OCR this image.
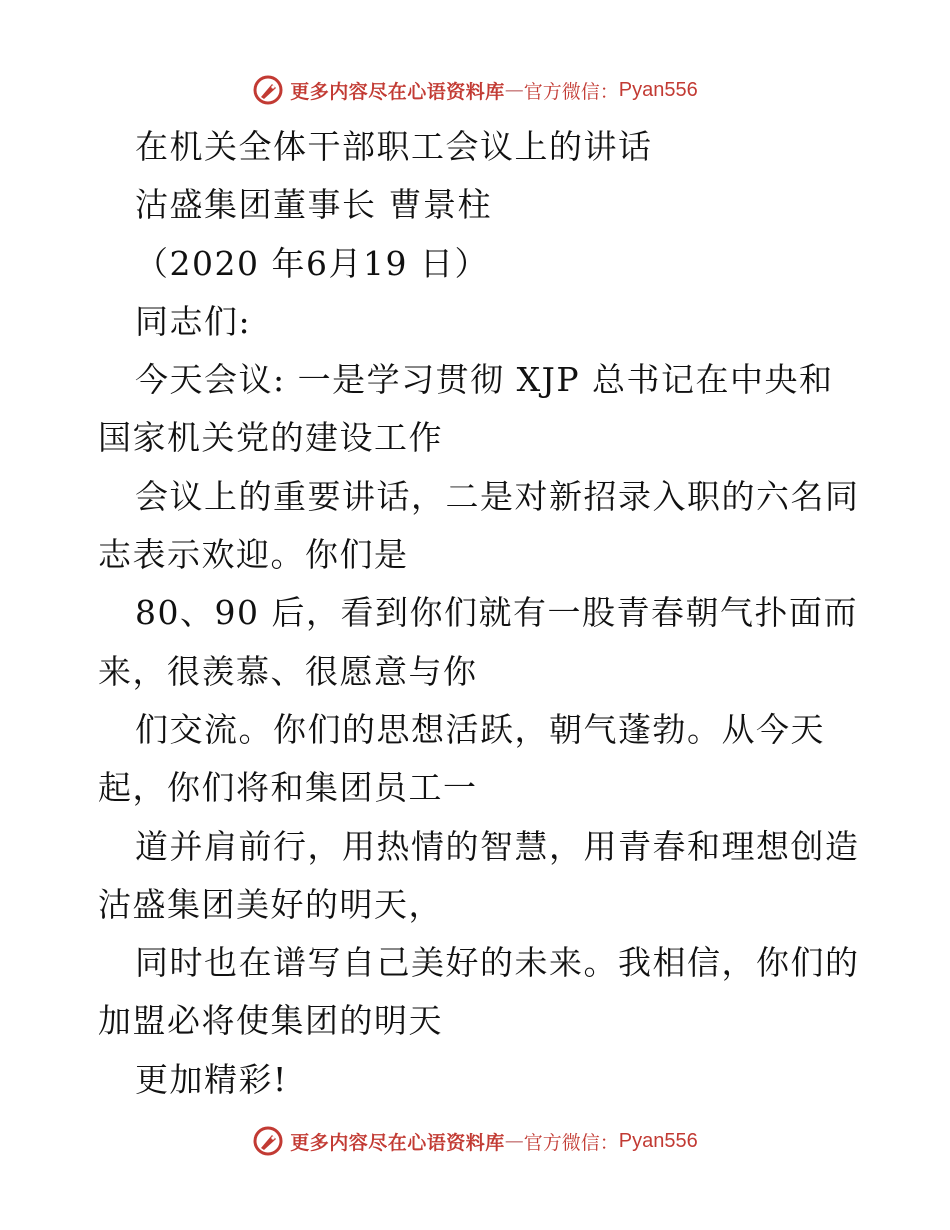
更多内容尽在心语资料库 — 官方微信： Pyan556
在机关全体干部职工会议上的讲话
沽盛集团董事长 曹景柱
（2020 年6月19 日）
同志们:
今天会议: 一是学习贯彻 XJP 总书记在中央和
国家机关党的建设工作
会议上的重要讲话，二是对新招录入职的六名同
志表示欢迎。你们是
80、90 后，看到你们就有一股青春朝气扑面而
来，很羡慕、很愿意与你
们交流。你们的思想活跃，朝气蓬勃。从今天
起，你们将和集团员工一
道并肩前行，用热情的智慧，用青春和理想创造
沽盛集团美好的明天，
同时也在谱写自己美好的未来。我相信，你们的
加盟必将使集团的明天
更加精彩!
更多内容尽在心语资料库 — 官方微信： Pyan556
